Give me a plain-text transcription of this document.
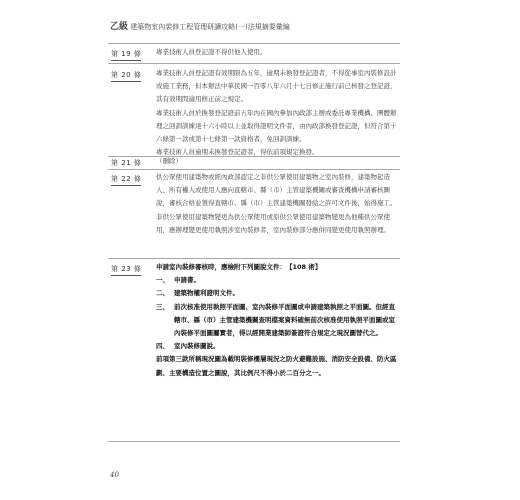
乙級 建築物室內裝修工程管理研讀攻略(一)法規摘要彙編
第 19 條 專業技術人員登記證不得供他人使用。

第 20 條 專業技術人員登記證有效期限為五年，逾期未換發登記證者，不得從事室內裝修設計或施工業務，但本辦法中華民國一百零八年六月十七日修正施行前已核發之登記證，其有效期間適用修正前之規定。

專業技術人員於換發登記證前五年內在國內參加內政部主辦或委託專業機構、團體辦理之回訓訓練達十六小時以上並取得證明文件者，由內政部換發登記證，但符合第十六條第一款或第十七條第一款資格者，免回訓訓練。

專業技術人員逾期未換發登記證者，得依前項規定換發。

第 21 條 （刪除）

第 22 條 供公眾使用建築物或經內政部認定之非供公眾使用建築物之室內裝修，建築物起造人、所有權人或使用人應向直轄市、縣（市）主管建築機關或審查機構申請審核圖說，審核合格並領得直轄市、縣（市）主管建築機關發給之許可文件後，始得施工。

非供公眾使用建築物變更為供公眾使用或原供公眾使用建築物變更為他種供公眾使用，應辦理變更使用執照涉室內裝修者，室內裝修部分應併同變更使用執照辦理。

第 23 條 申請室內裝修審核時，應檢附下列圖說文件：　【108 術】

一、 申請書。
二、 建築物權利證明文件。
三、 前次核准使用執照平面圖、室內裝修平面圖或申請建築執照之平面圖。但經直轄市、縣（市）主管建築機關查明檔案資料確無前次核准使用執照平面圖或室內裝修平面圖屬實者，得以經開業建築師簽證符合規定之現況圖替代之。
四、 室內裝修圖說。

前項第三款所稱現況圖為載明裝修樓層現況之防火避難設施、消防安全設備、防火區劃、主要構造位置之圖說，其比例尺不得小於二百分之一。

40
